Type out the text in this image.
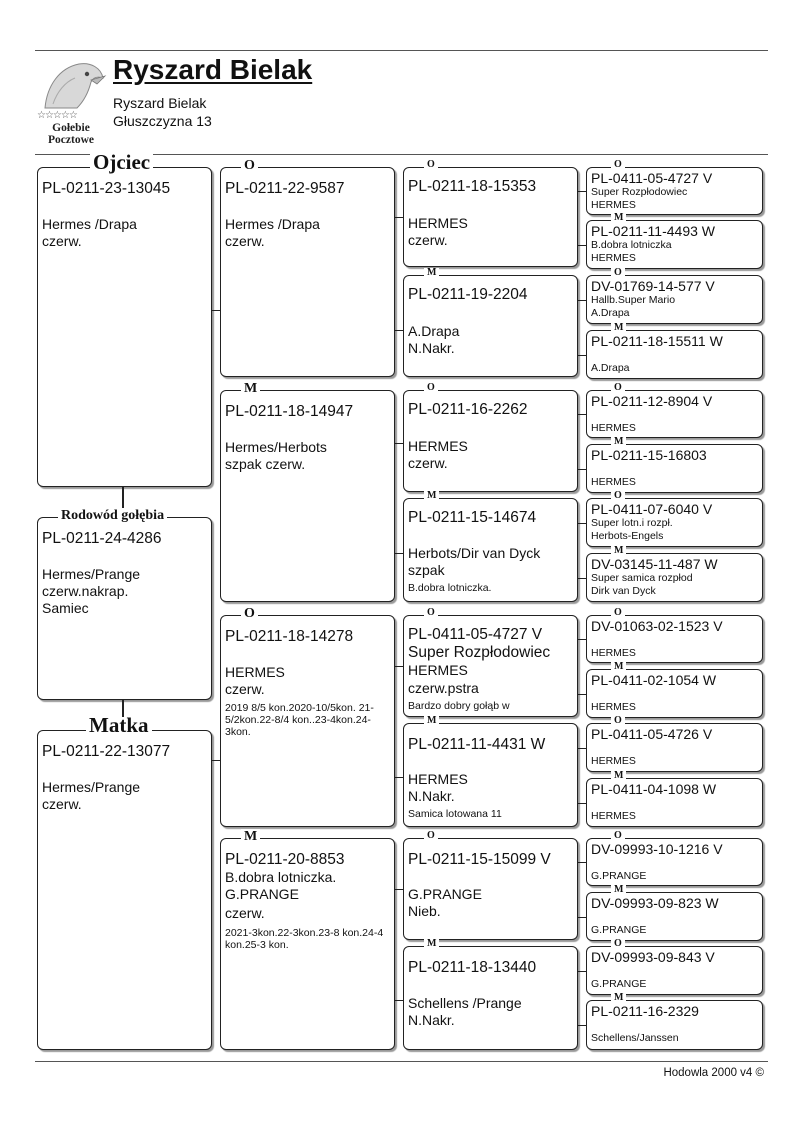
☆☆☆☆☆
Gołebie
Pocztowe
Ryszard Bielak
Ryszard Bielak
Głuszczyzna 13
Ojciec
PL-0211-23-13045
Hermes /Drapa
czerw.
Rodowód gołębia
PL-0211-24-4286
Hermes/Prange
czerw.nakrap.
Samiec
Matka
PL-0211-22-13077
Hermes/Prange
czerw.
O
PL-0211-22-9587
Hermes /Drapa
czerw.
M
PL-0211-18-14947
Hermes/Herbots
szpak czerw.
O
PL-0211-18-14278
HERMES
czerw.
2019 8/5 kon.2020-10/5kon. 21-5/2kon.22-8/4 kon..23-4kon.24-3kon.
M
PL-0211-20-8853
B.dobra lotniczka.
G.PRANGE
czerw.
2021-3kon.22-3kon.23-8 kon.24-4 kon.25-3 kon.
O
PL-0211-18-15353
HERMES
czerw.
M
PL-0211-19-2204
A.Drapa
N.Nakr.
O
PL-0211-16-2262
HERMES
czerw.
M
PL-0211-15-14674
Herbots/Dir van Dyck
szpak
B.dobra lotniczka.
O
PL-0411-05-4727 V
Super Rozpłodowiec
HERMES
czerw.pstra
Bardzo dobry gołąb w
M
PL-0211-11-4431 W
HERMES
N.Nakr.
Samica lotowana 11
O
PL-0211-15-15099 V
G.PRANGE
Nieb.
M
PL-0211-18-13440
Schellens /Prange
N.Nakr.
O
PL-0411-05-4727 V
Super Rozpłodowiec
HERMES
M
PL-0211-11-4493 W
B.dobra lotniczka
HERMES
O
DV-01769-14-577 V
Hallb.Super Mario
A.Drapa
M
PL-0211-18-15511 W
A.Drapa
O
PL-0211-12-8904 V
HERMES
M
PL-0211-15-16803
HERMES
O
PL-0411-07-6040 V
Super lotn.i rozpł.
Herbots-Engels
M
DV-03145-11-487 W
Super samica rozpłod
Dirk van Dyck
O
DV-01063-02-1523 V
HERMES
M
PL-0411-02-1054 W
HERMES
O
PL-0411-05-4726 V
HERMES
M
PL-0411-04-1098 W
HERMES
O
DV-09993-10-1216 V
G.PRANGE
M
DV-09993-09-823 W
G.PRANGE
O
DV-09993-09-843 V
G.PRANGE
M
PL-0211-16-2329
Schellens/Janssen
Hodowla 2000 v4 ©
